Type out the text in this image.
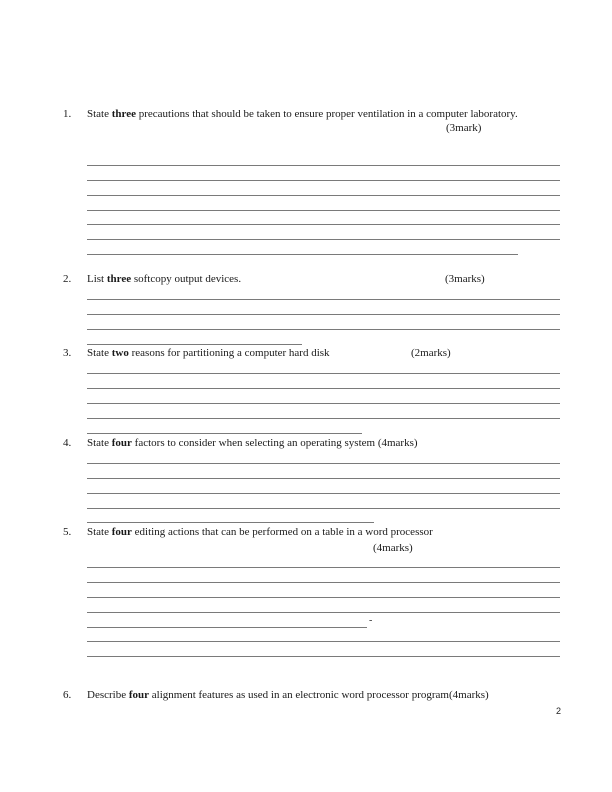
1. State three precautions that should be taken to ensure proper ventilation in a computer laboratory.
(3mark)
2. List three softcopy output devices.	(3marks)
3. State two reasons for partitioning a computer hard disk	(2marks)
4. State four factors to consider when selecting an operating system (4marks)
5. State four editing actions that can be performed on a table in a word processor
(4marks)
-
6. Describe four alignment features as used in an electronic word processor program(4marks)
2
